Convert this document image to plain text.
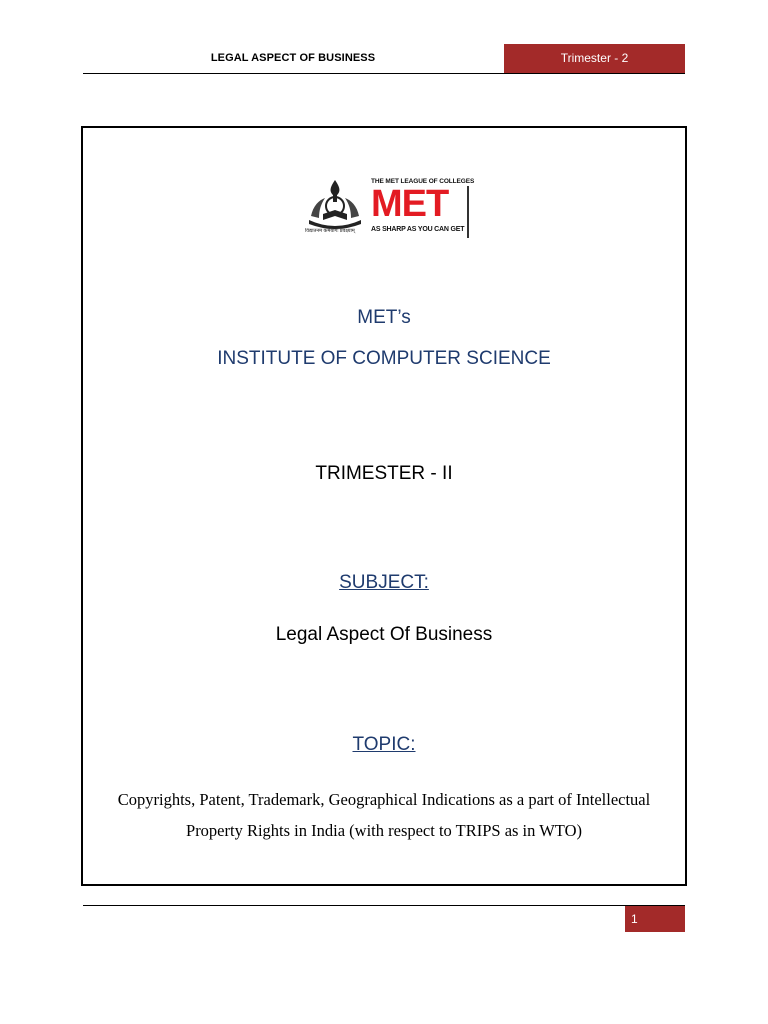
LEGAL ASPECT OF BUSINESS	Trimester - 2
विद्यातनम कर्मयोगः प्रवक्ष्याम्
THE MET LEAGUE OF COLLEGES
MET
AS SHARP AS YOU CAN GET
MET’s
INSTITUTE OF COMPUTER SCIENCE
TRIMESTER - II
SUBJECT:
Legal Aspect Of Business
TOPIC:
Copyrights, Patent, Trademark, Geographical Indications as a part of Intellectual Property Rights in India (with respect to TRIPS as in WTO)
1
